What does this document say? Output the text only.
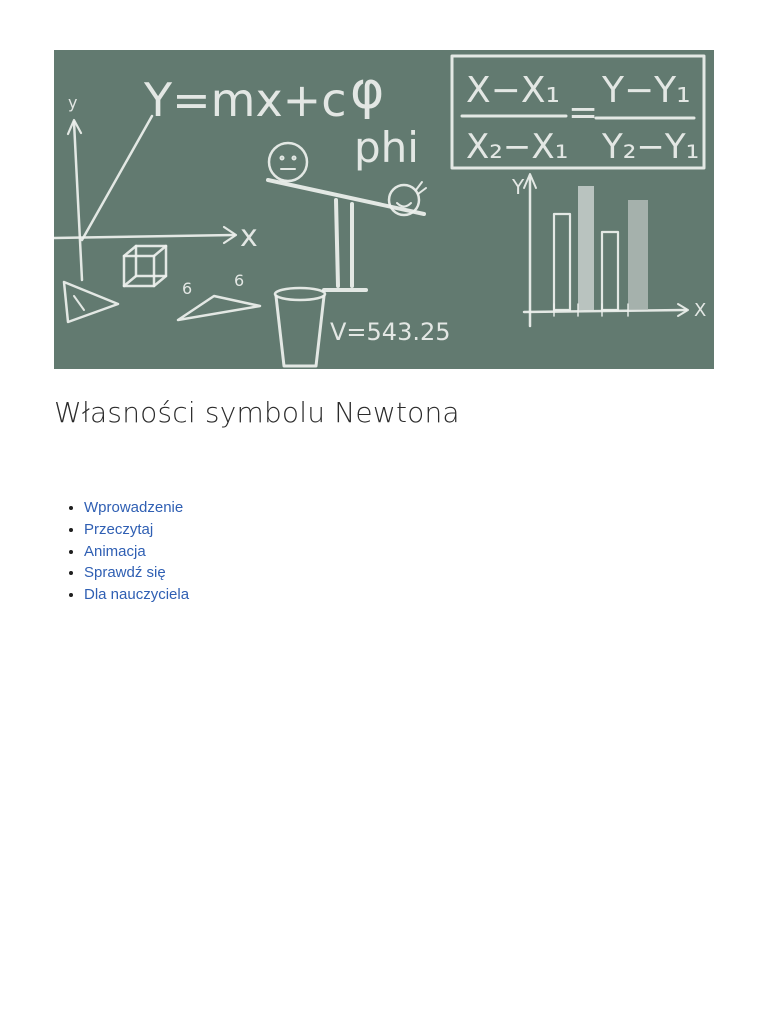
y
x
Y=mx+c φ
phi
6	6
V=543.25
X−X₁
X₂−X₁
=
Y−Y₁
Y₂−Y₁
Y
X
Własności symbolu Newtona
• Wprowadzenie
• Przeczytaj
• Animacja
• Sprawdź się
• Dla nauczyciela
